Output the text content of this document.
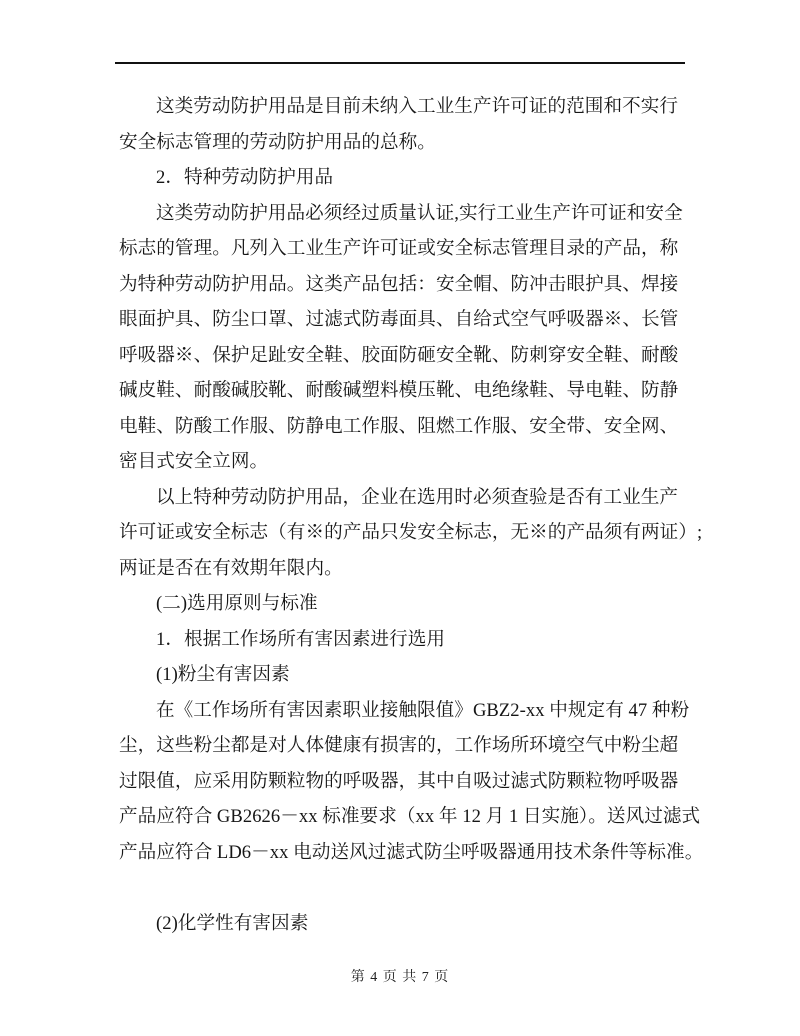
这类劳动防护用品是目前未纳入工业生产许可证的范围和不实行
安全标志管理的劳动防护用品的总称。
2．特种劳动防护用品
这类劳动防护用品必须经过质量认证,实行工业生产许可证和安全
标志的管理。凡列入工业生产许可证或安全标志管理目录的产品，称
为特种劳动防护用品。这类产品包括：安全帽、防冲击眼护具、焊接
眼面护具、防尘口罩、过滤式防毒面具、自给式空气呼吸器※、长管
呼吸器※、保护足趾安全鞋、胶面防砸安全靴、防刺穿安全鞋、耐酸
碱皮鞋、耐酸碱胶靴、耐酸碱塑料模压靴、电绝缘鞋、导电鞋、防静
电鞋、防酸工作服、防静电工作服、阻燃工作服、安全带、安全网、
密目式安全立网。
以上特种劳动防护用品，企业在选用时必须查验是否有工业生产
许可证或安全标志（有※的产品只发安全标志，无※的产品须有两证）;
两证是否在有效期年限内。
(二)选用原则与标准
1．根据工作场所有害因素进行选用
(1)粉尘有害因素
在《工作场所有害因素职业接触限值》GBZ2-xx 中规定有 47 种粉
尘，这些粉尘都是对人体健康有损害的，工作场所环境空气中粉尘超
过限值，应采用防颗粒物的呼吸器，其中自吸过滤式防颗粒物呼吸器
产品应符合 GB2626－xx 标准要求（xx 年 12 月 1 日实施）。送风过滤式
产品应符合 LD6－xx 电动送风过滤式防尘呼吸器通用技术条件等标准。
(2)化学性有害因素
第 4 页 共 7 页
